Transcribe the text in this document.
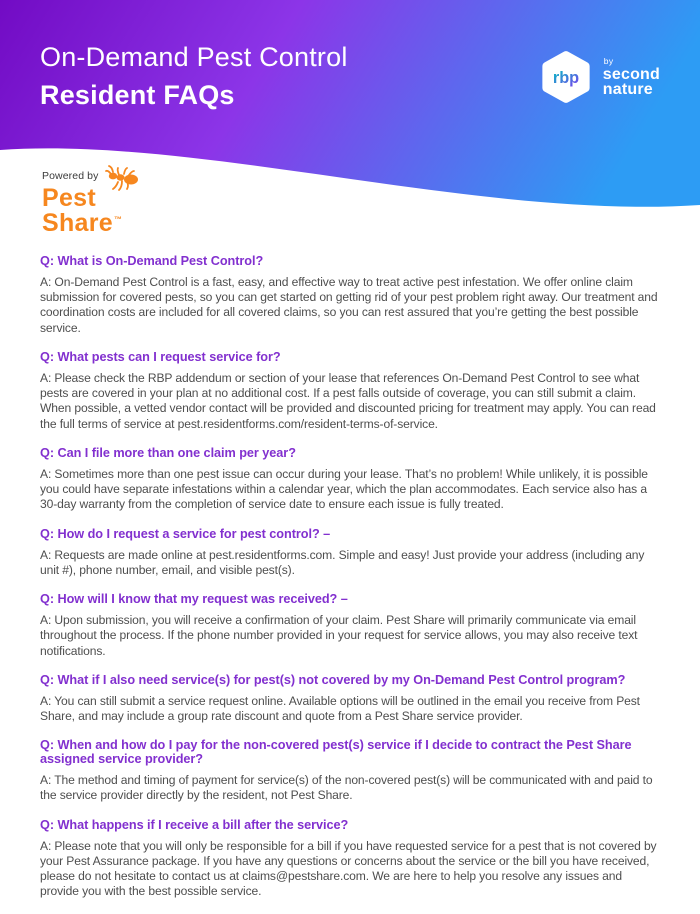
On-Demand Pest Control
Resident FAQs
rbp
by
second
nature
Powered by
Pest
Share™
Q: What is On-Demand Pest Control?

A: On-Demand Pest Control is a fast, easy, and effective way to treat active pest infestation. We offer online claim submission for covered pests, so you can get started on getting rid of your pest problem right away. Our treatment and coordination costs are included for all covered claims, so you can rest assured that you’re getting the best possible service.

Q: What pests can I request service for?

A: Please check the RBP addendum or section of your lease that references On-Demand Pest Control to see what pests are covered in your plan at no additional cost. If a pest falls outside of coverage, you can still submit a claim. When possible, a vetted vendor contact will be provided and discounted pricing for treatment may apply. You can read the full terms of service at pest.residentforms.com/resident-terms-of-service.

Q: Can I file more than one claim per year?

A: Sometimes more than one pest issue can occur during your lease. That’s no problem! While unlikely, it is possible you could have separate infestations within a calendar year, which the plan accommodates. Each service also has a 30-day warranty from the completion of service date to ensure each issue is fully treated.

Q: How do I request a service for pest control? –

A: Requests are made online at pest.residentforms.com. Simple and easy! Just provide your address (including any unit #), phone number, email, and visible pest(s).

Q: How will I know that my request was received? –

A: Upon submission, you will receive a confirmation of your claim. Pest Share will primarily communicate via email throughout the process. If the phone number provided in your request for service allows, you may also receive text notifications.

Q: What if I also need service(s) for pest(s) not covered by my On-Demand Pest Control program?

A: You can still submit a service request online. Available options will be outlined in the email you receive from Pest Share, and may include a group rate discount and quote from a Pest Share service provider.

Q: When and how do I pay for the non-covered pest(s) service if I decide to contract the Pest Share assigned service provider?

A: The method and timing of payment for service(s) of the non-covered pest(s) will be communicated with and paid to the service provider directly by the resident, not Pest Share.

Q: What happens if I receive a bill after the service?

A: Please note that you will only be responsible for a bill if you have requested service for a pest that is not covered by your Pest Assurance package. If you have any questions or concerns about the service or the bill you have received, please do not hesitate to contact us at claims@pestshare.com. We are here to help you resolve any issues and provide you with the best possible service.
